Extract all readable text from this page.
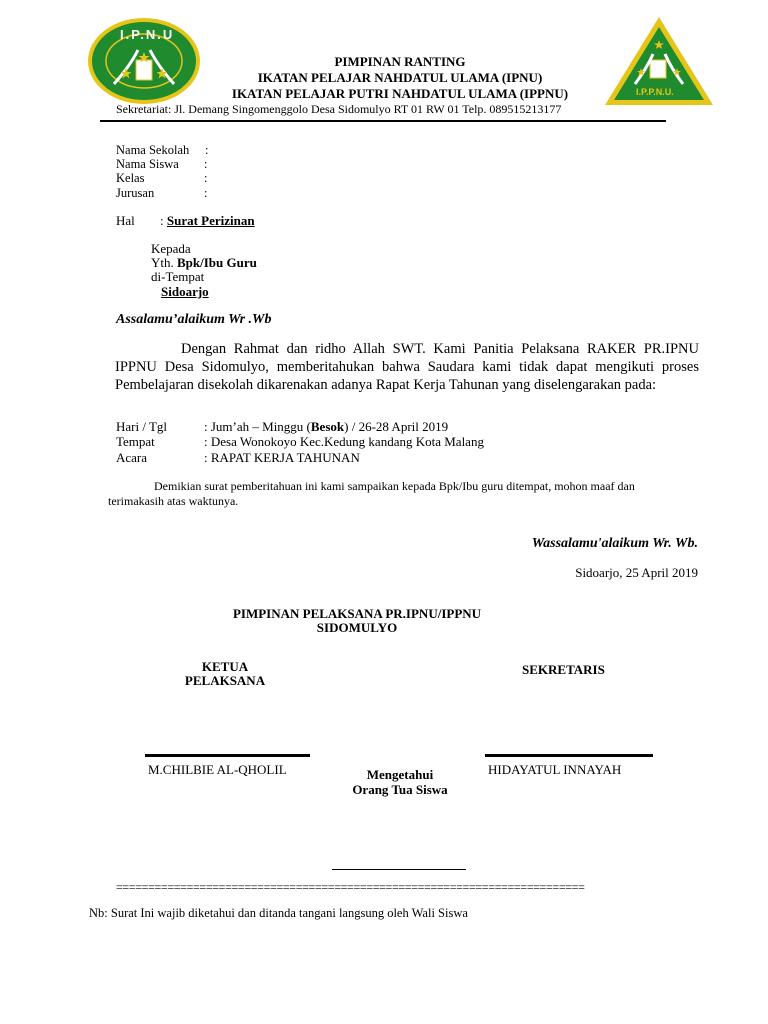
I.P.N.U
I.P.P.N.U.
PIMPINAN RANTING
IKATAN PELAJAR NAHDATUL ULAMA (IPNU)
IKATAN PELAJAR PUTRI NAHDATUL ULAMA (IPPNU)
Sekretariat: Jl. Demang Singomenggolo Desa Sidomulyo RT 01 RW 01 Telp. 089515213177
Nama Sekolah :
Nama Siswa :
Kelas	:
Jurusan	:
Hal : Surat Perizinan
Kepada
Yth. Bpk/Ibu Guru
di-Tempat
Sidoarjo
Assalamu’alaikum Wr .Wb
Dengan Rahmat dan ridho Allah SWT. Kami Panitia Pelaksana RAKER PR.IPNU IPPNU Desa Sidomulyo, memberitahukan bahwa Saudara kami tidak dapat mengikuti proses Pembelajaran disekolah dikarenakan adanya Rapat Kerja Tahunan yang diselengarakan pada:
Hari / Tgl	: Jum’ah – Minggu (Besok) / 26-28 April 2019
Tempat	: Desa Wonokoyo Kec.Kedung kandang Kota Malang
Acara	: RAPAT KERJA TAHUNAN
Demikian surat pemberitahuan ini kami sampaikan kepada Bpk/Ibu guru ditempat, mohon maaf dan terimakasih atas waktunya.
Wassalamu'alaikum Wr. Wb.
Sidoarjo, 25 April 2019
PIMPINAN PELAKSANA PR.IPNU/IPPNU
SIDOMULYO
KETUA
PELAKSANA
SEKRETARIS
M.CHILBIE AL-QHOLIL	HIDAYATUL INNAYAH
Mengetahui
Orang Tua Siswa
=========================================================================
Nb: Surat Ini wajib diketahui dan ditanda tangani langsung oleh Wali Siswa
